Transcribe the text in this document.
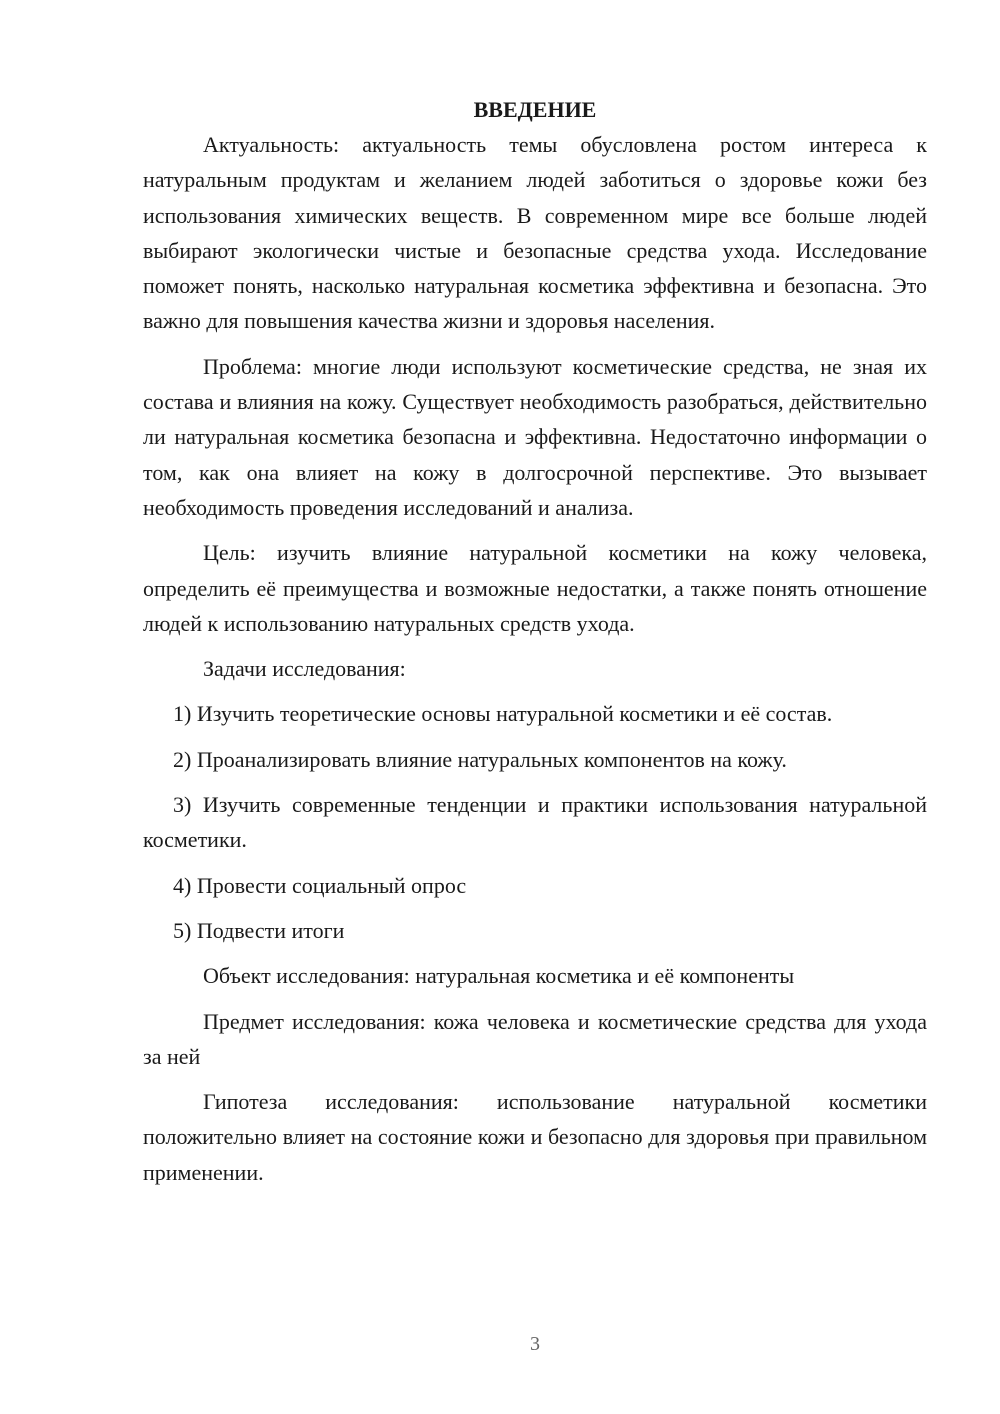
ВВЕДЕНИЕ

Актуальность: актуальность темы обусловлена ростом интереса к натуральным продуктам и желанием людей заботиться о здоровье кожи без использования химических веществ. В современном мире все больше людей выбирают экологически чистые и безопасные средства ухода. Исследование поможет понять, насколько натуральная косметика эффективна и безопасна. Это важно для повышения качества жизни и здоровья населения.

Проблема: многие люди используют косметические средства, не зная их состава и влияния на кожу. Существует необходимость разобраться, действительно ли натуральная косметика безопасна и эффективна. Недостаточно информации о том, как она влияет на кожу в долгосрочной перспективе. Это вызывает необходимость проведения исследований и анализа.

Цель: изучить влияние натуральной косметики на кожу человека, определить её преимущества и возможные недостатки, а также понять отношение людей к использованию натуральных средств ухода.

Задачи исследования:

1) Изучить теоретические основы натуральной косметики и её состав.

2) Проанализировать влияние натуральных компонентов на кожу.

3) Изучить современные тенденции и практики использования натуральной косметики.

4) Провести социальный опрос

5) Подвести итоги

Объект исследования: натуральная косметика и её компоненты

Предмет исследования: кожа человека и косметические средства для ухода за ней

Гипотеза исследования: использование натуральной косметики положительно влияет на состояние кожи и безопасно для здоровья при правильном применении.

3
